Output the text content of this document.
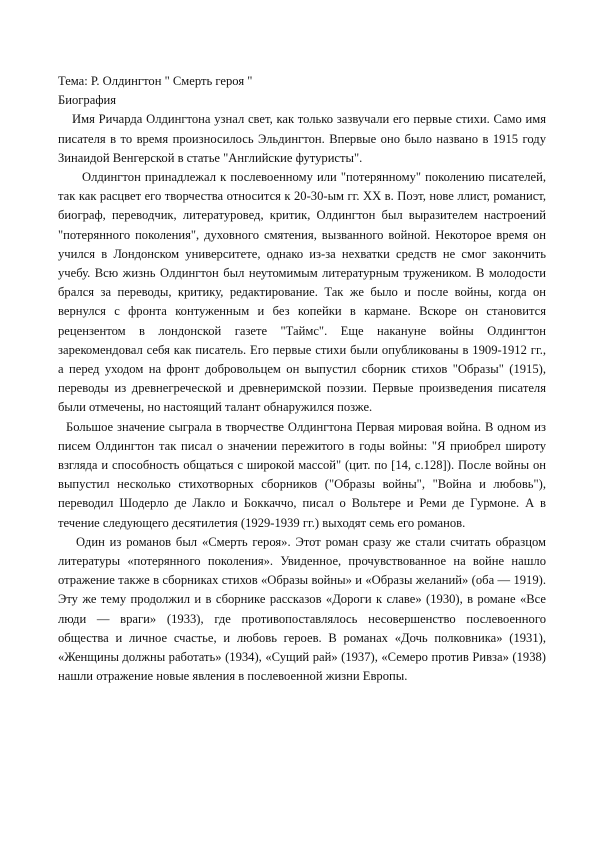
Тема: Р. Олдингтон " Смерть героя "
Биография

Имя Ричарда Олдингтона узнал свет, как только зазвучали его первые стихи. Само имя писателя в то время произносилось Эльдингтон. Впервые оно было названо в 1915 году Зинаидой Венгерской в статье "Английские футуристы".

Олдингтон принадлежал к послевоенному или "потерянному" поколению писателей, так как расцвет его творчества относится к 20-30-ым гг. XX в. Поэт, нове ллист, романист, биограф, переводчик, литературовед, критик, Олдингтон был выразителем настроений "потерянного поколения", духовного смятения, вызванного войной. Некоторое время он учился в Лондонском университете, однако из-за нехватки средств не смог закончить учебу. Всю жизнь Олдингтон был неутомимым литературным тружеником. В молодости брался за переводы, критику, редактирование. Так же было и после войны, когда он вернулся с фронта контуженным и без копейки в кармане. Вскоре он становится рецензентом в лондонской газете "Таймс". Еще накануне войны Олдингтон зарекомендовал себя как писатель. Его первые стихи были опубликованы в 1909-1912 гг., а перед уходом на фронт добровольцем он выпустил сборник стихов "Образы" (1915), переводы из древнегреческой и древнеримской поэзии. Первые произведения писателя были отмечены, но настоящий талант обнаружился позже.

Большое значение сыграла в творчестве Олдингтона Первая мировая война. В одном из писем Олдингтон так писал о значении пережитого в годы войны: "Я приобрел широту взгляда и способность общаться с широкой массой" (цит. по [14, с.128]). После войны он выпустил несколько стихотворных сборников ("Образы войны", "Война и любовь"), переводил Шодерло де Лакло и Боккаччо, писал о Вольтере и Реми де Гурмоне. А в течение следующего десятилетия (1929-1939 гг.) выходят семь его романов.

Один из романов был «Смерть героя». Этот роман сразу же стали считать образцом литературы «потерянного поколения». Увиденное, прочувствованное на войне нашло отражение также в сборниках стихов «Образы войны» и «Образы желаний» (оба — 1919). Эту же тему продолжил и в сборнике рассказов «Дороги к славе» (1930), в романе «Все люди — враги» (1933), где противопоставлялось несовершенство послевоенного общества и личное счастье, и любовь героев. В романах «Дочь полковника» (1931), «Женщины должны работать» (1934), «Сущий рай» (1937), «Семеро против Ривза» (1938) нашли отражение новые явления в послевоенной жизни Европы.
